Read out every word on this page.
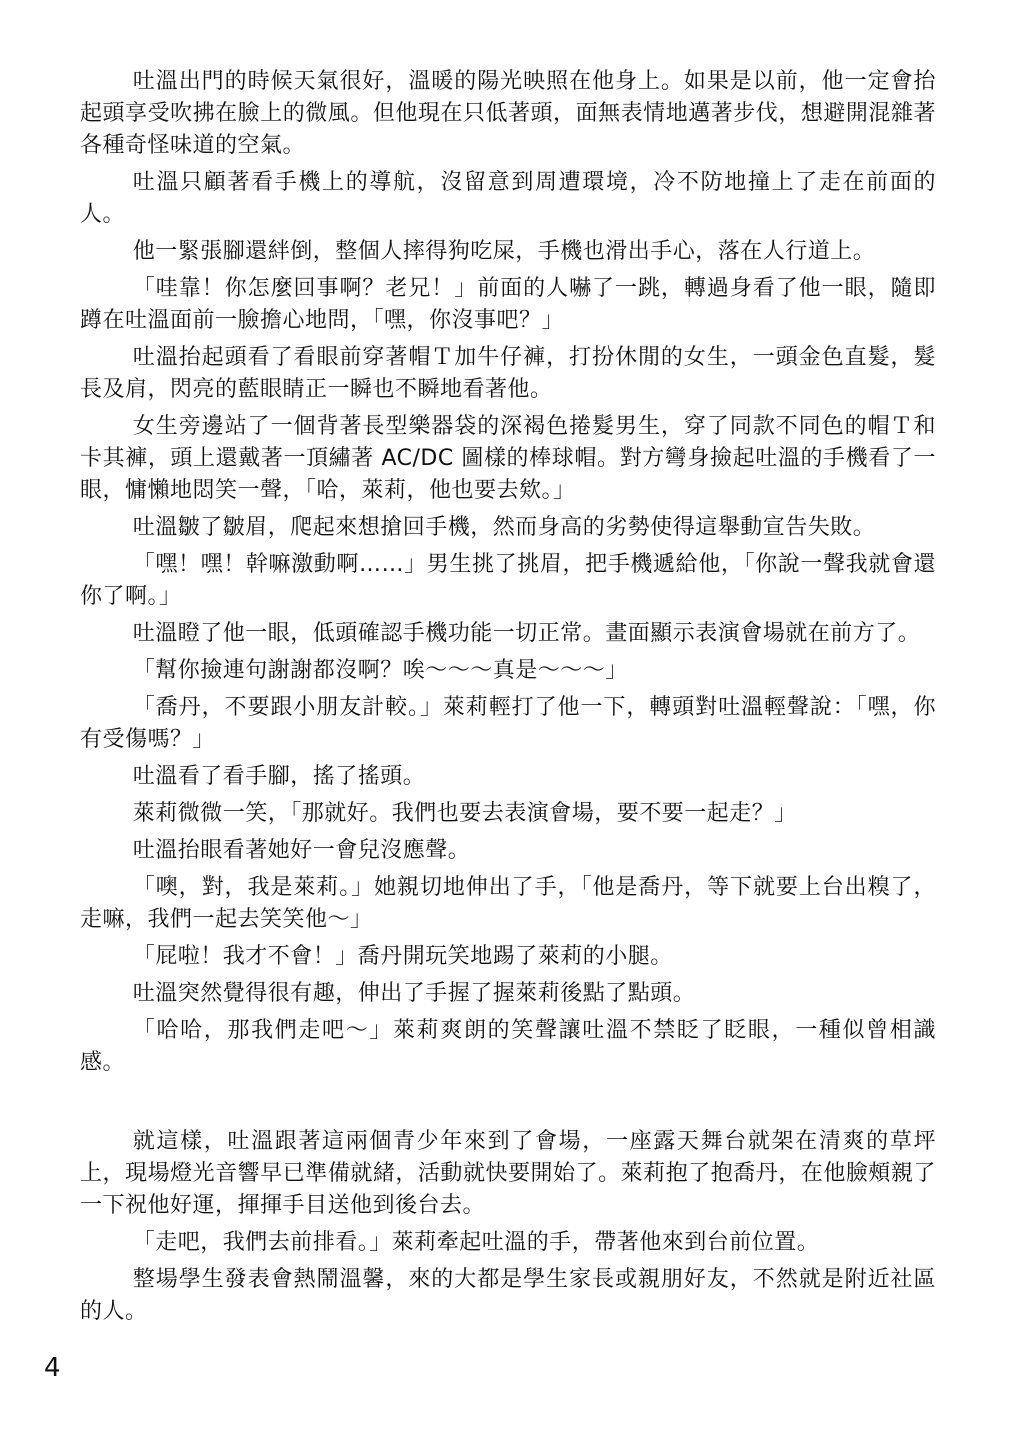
吐溫出門的時候天氣很好，溫暖的陽光映照在他身上。如果是以前，他一定會抬起頭享受吹拂在臉上的微風。但他現在只低著頭，面無表情地邁著步伐，想避開混雜著各種奇怪味道的空氣。

吐溫只顧著看手機上的導航，沒留意到周遭環境，冷不防地撞上了走在前面的人。

他一緊張腳還絆倒，整個人摔得狗吃屎，手機也滑出手心，落在人行道上。

「哇靠！你怎麼回事啊？老兄！」前面的人嚇了一跳，轉過身看了他一眼，隨即蹲在吐溫面前一臉擔心地問，「嘿，你沒事吧？」

吐溫抬起頭看了看眼前穿著帽Ｔ加牛仔褲，打扮休閒的女生，一頭金色直髮，髮長及肩，閃亮的藍眼睛正一瞬也不瞬地看著他。

女生旁邊站了一個背著長型樂器袋的深褐色捲髮男生，穿了同款不同色的帽Ｔ和卡其褲，頭上還戴著一頂繡著 AC/DC 圖樣的棒球帽。對方彎身撿起吐溫的手機看了一眼，慵懶地悶笑一聲，「哈，萊莉，他也要去欸。」

吐溫皺了皺眉，爬起來想搶回手機，然而身高的劣勢使得這舉動宣告失敗。

「嘿！嘿！幹嘛激動啊……」男生挑了挑眉，把手機遞給他，「你說一聲我就會還你了啊。」

吐溫瞪了他一眼，低頭確認手機功能一切正常。畫面顯示表演會場就在前方了。

「幫你撿連句謝謝都沒啊？唉～～～真是～～～」

「喬丹，不要跟小朋友計較。」萊莉輕打了他一下，轉頭對吐溫輕聲說：「嘿，你有受傷嗎？」

吐溫看了看手腳，搖了搖頭。

萊莉微微一笑，「那就好。我們也要去表演會場，要不要一起走？」

吐溫抬眼看著她好一會兒沒應聲。

「噢，對，我是萊莉。」她親切地伸出了手，「他是喬丹，等下就要上台出糗了，走嘛，我們一起去笑笑他～」

「屁啦！我才不會！」喬丹開玩笑地踢了萊莉的小腿。

吐溫突然覺得很有趣，伸出了手握了握萊莉後點了點頭。

「哈哈，那我們走吧～」萊莉爽朗的笑聲讓吐溫不禁眨了眨眼，一種似曾相識感。

就這樣，吐溫跟著這兩個青少年來到了會場，一座露天舞台就架在清爽的草坪上，現場燈光音響早已準備就緒，活動就快要開始了。萊莉抱了抱喬丹，在他臉頰親了一下祝他好運，揮揮手目送他到後台去。

「走吧，我們去前排看。」萊莉牽起吐溫的手，帶著他來到台前位置。

整場學生發表會熱鬧溫馨，來的大都是學生家長或親朋好友，不然就是附近社區的人。

4
